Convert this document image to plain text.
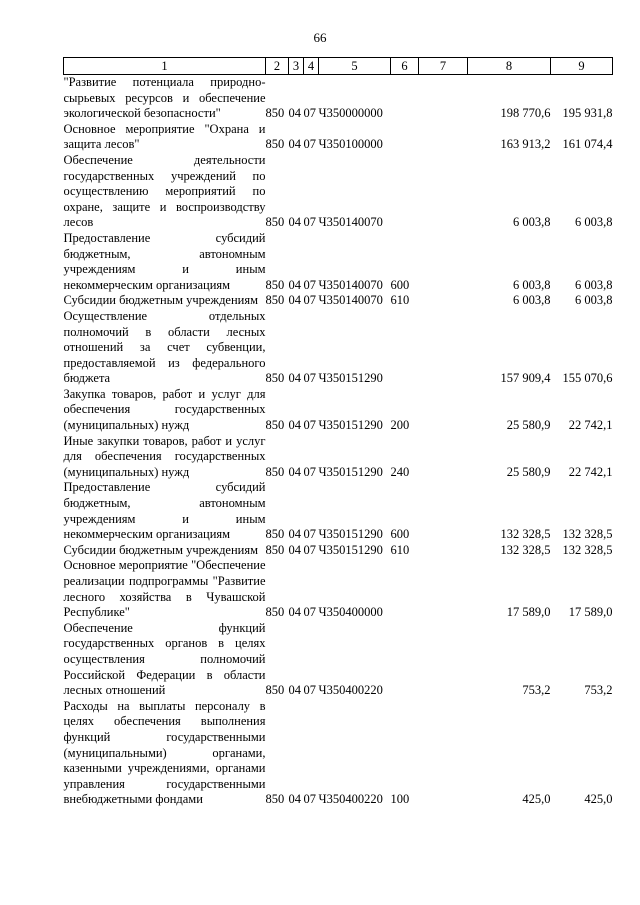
66
1	2	3	4	5	6	7	8	9
"Развитие потенциала природно-сырьевых ресурсов и обеспечение экологической безопасности"	850	04	07	Ч350000000			198 770,6	195 931,8
Основное мероприятие "Охрана и защита лесов"	850	04	07	Ч350100000			163 913,2	161 074,4
Обеспечение деятельности государственных учреждений по осуществлению мероприятий по охране, защите и воспроизводству лесов	850	04	07	Ч350140070			6 003,8	6 003,8
Предоставление субсидий бюджетным, автономным учреждениям и иным некоммерческим организациям	850	04	07	Ч350140070	600		6 003,8	6 003,8
Субсидии бюджетным учреждениям	850	04	07	Ч350140070	610		6 003,8	6 003,8
Осуществление отдельных полномочий в области лесных отношений за счет субвенции, предоставляемой из федерального бюджета	850	04	07	Ч350151290			157 909,4	155 070,6
Закупка товаров, работ и услуг для обеспечения государственных (муниципальных) нужд	850	04	07	Ч350151290	200		25 580,9	22 742,1
Иные закупки товаров, работ и услуг для обеспечения государственных (муниципальных) нужд	850	04	07	Ч350151290	240		25 580,9	22 742,1
Предоставление субсидий бюджетным, автономным учреждениям и иным некоммерческим организациям	850	04	07	Ч350151290	600		132 328,5	132 328,5
Субсидии бюджетным учреждениям	850	04	07	Ч350151290	610		132 328,5	132 328,5
Основное мероприятие "Обеспечение реализации подпрограммы "Развитие лесного хозяйства в Чувашской Республике"	850	04	07	Ч350400000			17 589,0	17 589,0
Обеспечение функций государственных органов в целях осуществления полномочий Российской Федерации в области лесных отношений	850	04	07	Ч350400220			753,2	753,2
Расходы на выплаты персоналу в целях обеспечения выполнения функций государственными (муниципальными) органами, казенными учреждениями, органами управления государственными внебюджетными фондами	850	04	07	Ч350400220	100		425,0	425,0
